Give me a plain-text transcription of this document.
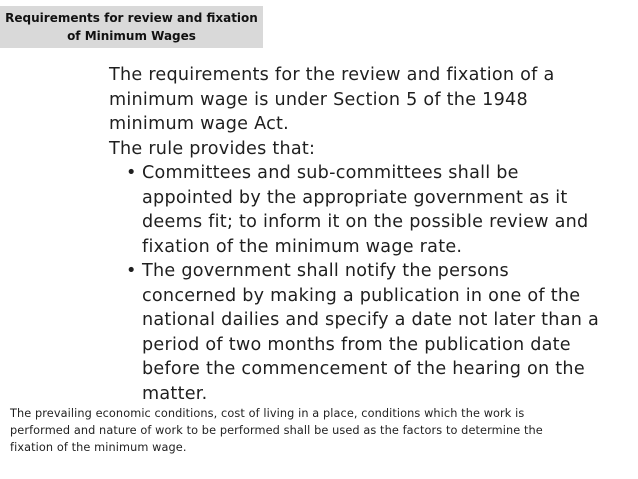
Requirements for review and fixation
of Minimum Wages

The requirements for the review and fixation of a

minimum wage is under Section 5 of the 1948

minimum wage Act.

The rule provides that:

• Committees and sub-committees shall be

appointed by the appropriate government as it

deems fit; to inform it on the possible review and

fixation of the minimum wage rate.

• The government shall notify the persons

concerned by making a publication in one of the

national dailies and specify a date not later than a

period of two months from the publication date

before the commencement of the hearing on the

matter.

The prevailing economic conditions, cost of living in a place, conditions which the work is

performed and nature of work to be performed shall be used as the factors to determine the

fixation of the minimum wage.
